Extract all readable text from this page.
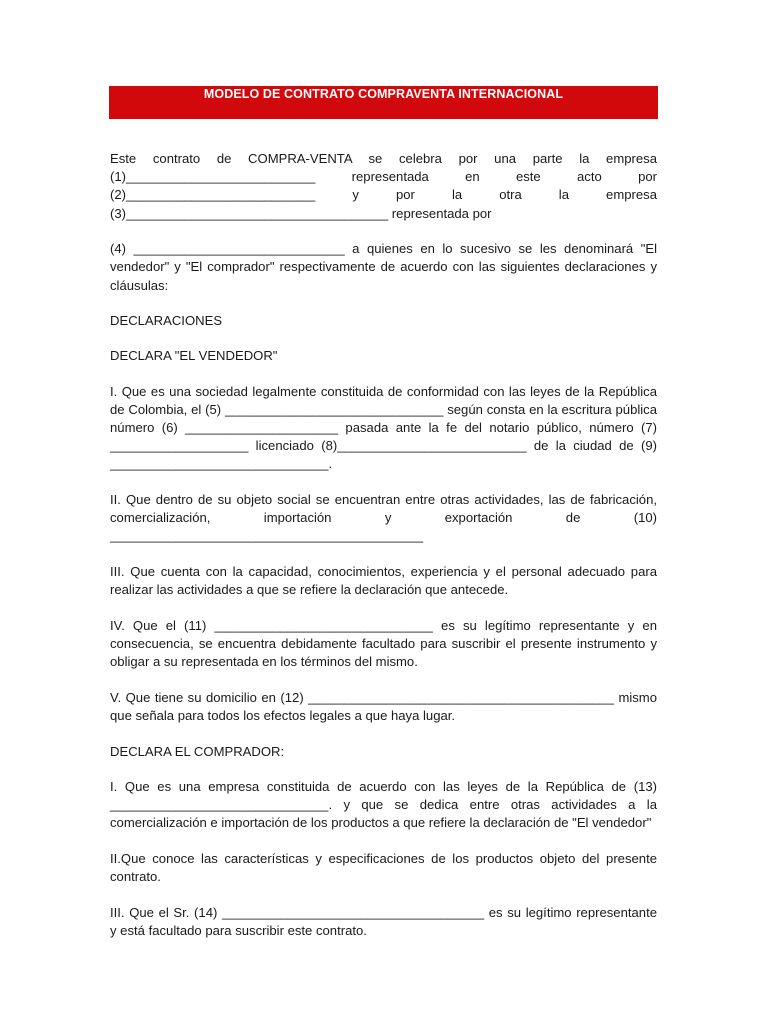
MODELO DE CONTRATO COMPRAVENTA INTERNACIONAL

Este contrato de COMPRA-VENTA se celebra por una parte la empresa (1)__________________________ representada en este acto por (2)__________________________ y por la otra la empresa (3)____________________________________ representada por

(4) _____________________________ a quienes en lo sucesivo se les denominará "El vendedor" y "El comprador" respectivamente de acuerdo con las siguientes declaraciones y cláusulas:

DECLARACIONES

DECLARA "EL VENDEDOR"

I. Que es una sociedad legalmente constituida de conformidad con las leyes de la República de Colombia, el (5) ______________________________ según consta en la escritura pública número (6) _____________________ pasada ante la fe del notario público, número (7) ___________________ licenciado (8)__________________________ de la ciudad de (9) ______________________________.

II. Que dentro de su objeto social se encuentran entre otras actividades, las de fabricación, comercialización, importación y exportación de (10) ___________________________________________

III. Que cuenta con la capacidad, conocimientos, experiencia y el personal adecuado para realizar las actividades a que se refiere la declaración que antecede.

IV. Que el (11) ______________________________ es su legítimo representante y en consecuencia, se encuentra debidamente facultado para suscribir el presente instrumento y obligar a su representada en los términos del mismo.

V. Que tiene su domicilio en (12) __________________________________________ mismo que señala para todos los efectos legales a que haya lugar.

DECLARA EL COMPRADOR:

I. Que es una empresa constituida de acuerdo con las leyes de la República de (13) ______________________________. y que se dedica entre otras actividades a la comercialización e importación de los productos a que refiere la declaración de "El vendedor"

II.Que conoce las características y especificaciones de los productos objeto del presente contrato.

III. Que el Sr. (14) ____________________________________ es su legítimo representante y está facultado para suscribir este contrato.
